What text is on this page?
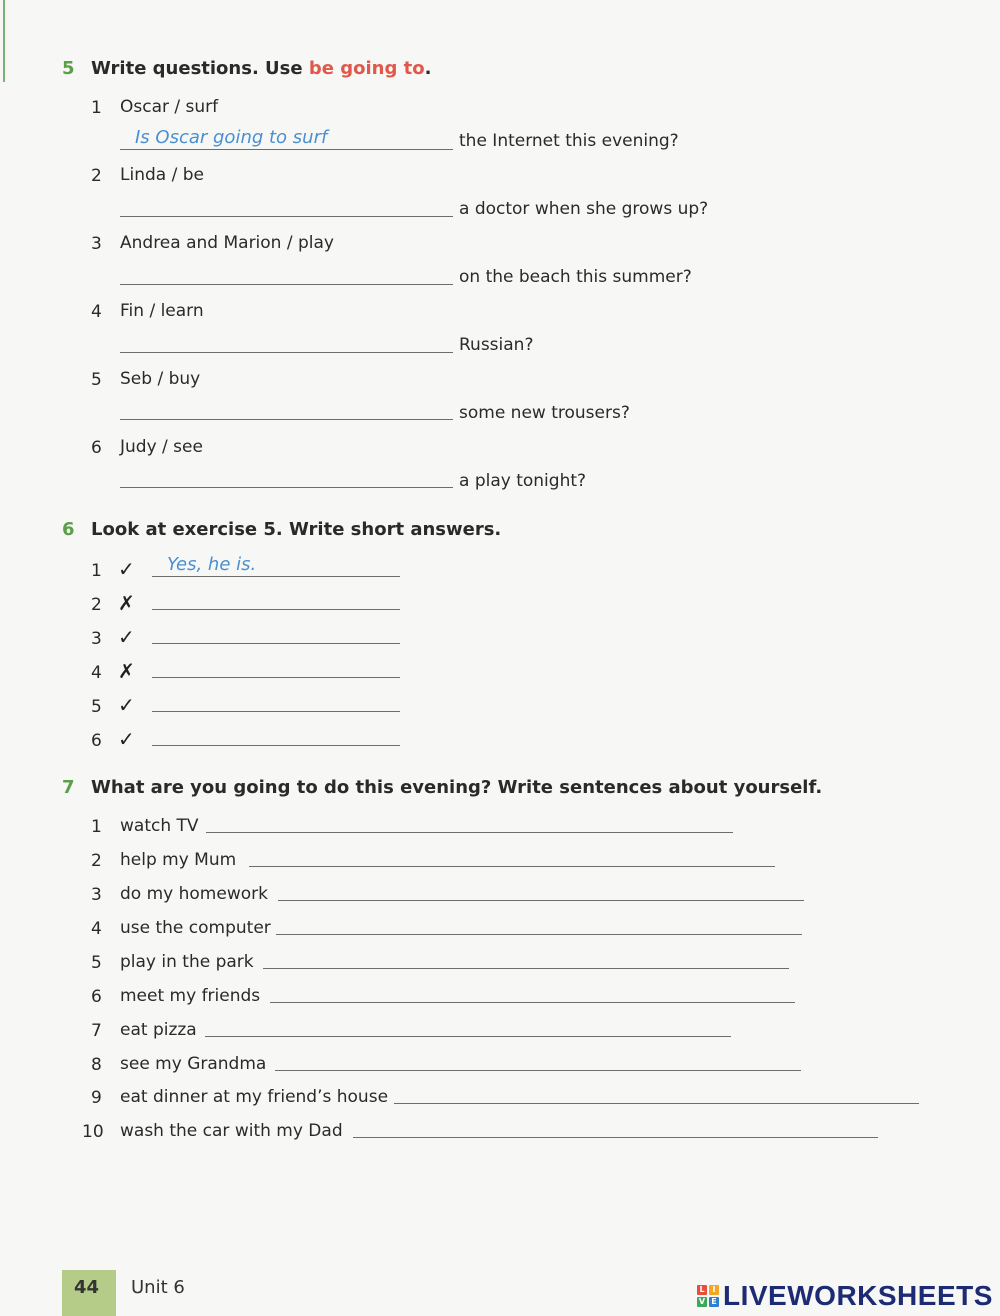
5 Write questions. Use be going to.
1 Oscar / surf
Is Oscar going to surf	the Internet this evening?
2 Linda / be
a doctor when she grows up?
3 Andrea and Marion / play
on the beach this summer?
4 Fin / learn
Russian?
5 Seb / buy
some new trousers?
6 Judy / see
a play tonight?
6 Look at exercise 5. Write short answers.
1 ✓ Yes, he is.
2 ✗
3 ✓
4 ✗
5 ✓
6 ✓
7 What are you going to do this evening? Write sentences about yourself.
1 watch TV
2 help my Mum
3 do my homework
4 use the computer
5 play in the park
6 meet my friends
7 eat pizza
8 see my Grandma
9 eat dinner at my friend’s house
10 wash the car with my Dad
44 Unit 6	L I
V E LIVEWORKSHEETS
